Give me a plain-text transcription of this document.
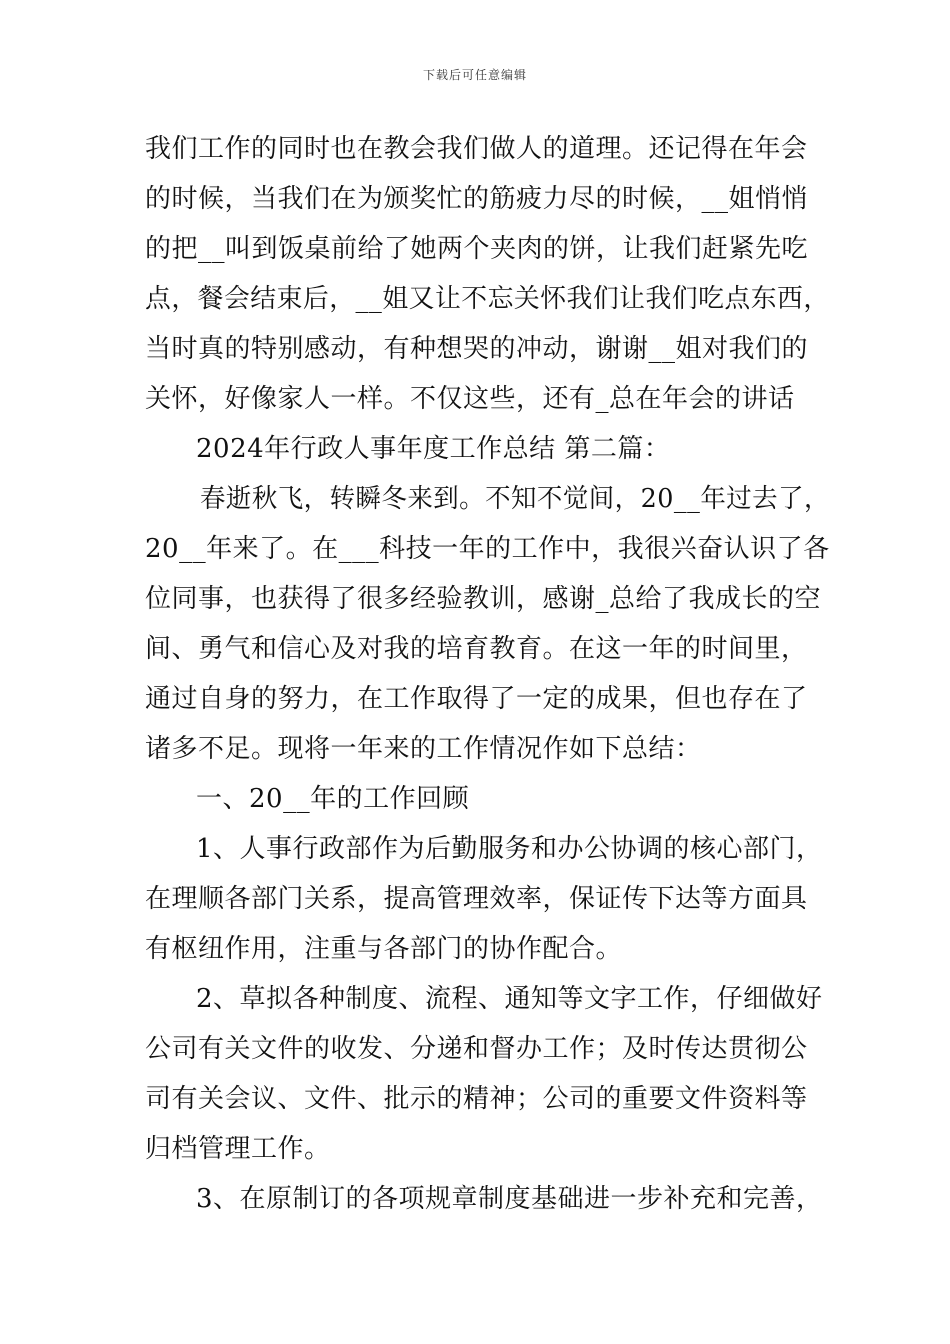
下载后可任意编辑
我们工作的同时也在教会我们做人的道理。还记得在年会
的时候，当我们在为颁奖忙的筋疲力尽的时候，__姐悄悄
的把__叫到饭桌前给了她两个夹肉的饼，让我们赶紧先吃
点，餐会结束后，__姐又让不忘关怀我们让我们吃点东西，
当时真的特别感动，有种想哭的冲动，谢谢__姐对我们的
关怀，好像家人一样。不仅这些，还有_总在年会的讲话
2024年行政人事年度工作总结 第二篇：
春逝秋飞，转瞬冬来到。不知不觉间，20__年过去了，
20__年来了。在___科技一年的工作中，我很兴奋认识了各
位同事，也获得了很多经验教训，感谢_总给了我成长的空
间、勇气和信心及对我的培育教育。在这一年的时间里，
通过自身的努力，在工作取得了一定的成果，但也存在了
诸多不足。现将一年来的工作情况作如下总结：
一、20__年的工作回顾
1、人事行政部作为后勤服务和办公协调的核心部门，
在理顺各部门关系，提高管理效率，保证传下达等方面具
有枢纽作用，注重与各部门的协作配合。
2、草拟各种制度、流程、通知等文字工作，仔细做好
公司有关文件的收发、分递和督办工作；及时传达贯彻公
司有关会议、文件、批示的精神；公司的重要文件资料等
归档管理工作。
3、在原制订的各项规章制度基础进一步补充和完善，
